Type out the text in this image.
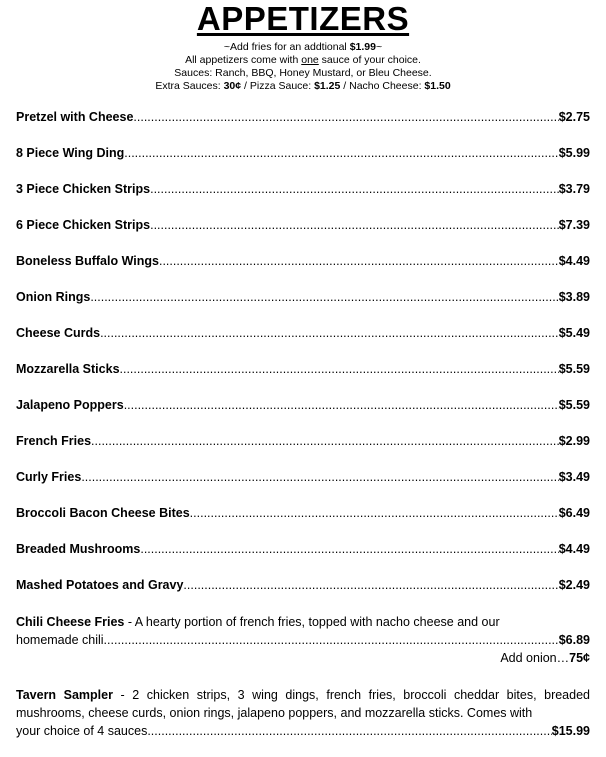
APPETIZERS
~Add fries for an addtional $1.99~
All appetizers come with one sauce of your choice.
Sauces: Ranch, BBQ, Honey Mustard, or Bleu Cheese.
Extra Sauces: 30¢ / Pizza Sauce: $1.25 / Nacho Cheese: $1.50
Pretzel with Cheese .....	$2.75
8 Piece Wing Ding .....	$5.99
3 Piece Chicken Strips .....	$3.79
6 Piece Chicken Strips .....	$7.39
Boneless Buffalo Wings .....	$4.49
Onion Rings .....	$3.89
Cheese Curds .....	$5.49
Mozzarella Sticks .....	$5.59
Jalapeno Poppers .....	$5.59
French Fries .....	$2.99
Curly Fries .....	$3.49
Broccoli Bacon Cheese Bites .....	$6.49
Breaded Mushrooms .....	$4.49
Mashed Potatoes and Gravy .....	$2.49
Chili Cheese Fries - A hearty portion of french fries, topped with nacho cheese and our
homemade chili .....	$6.89
Add onion…75¢
Tavern Sampler - 2 chicken strips, 3 wing dings, french fries, broccoli cheddar bites, breaded mushrooms, cheese curds, onion rings, jalapeno poppers, and mozzarella sticks. Comes with
your choice of 4 sauces .....	$15.99
